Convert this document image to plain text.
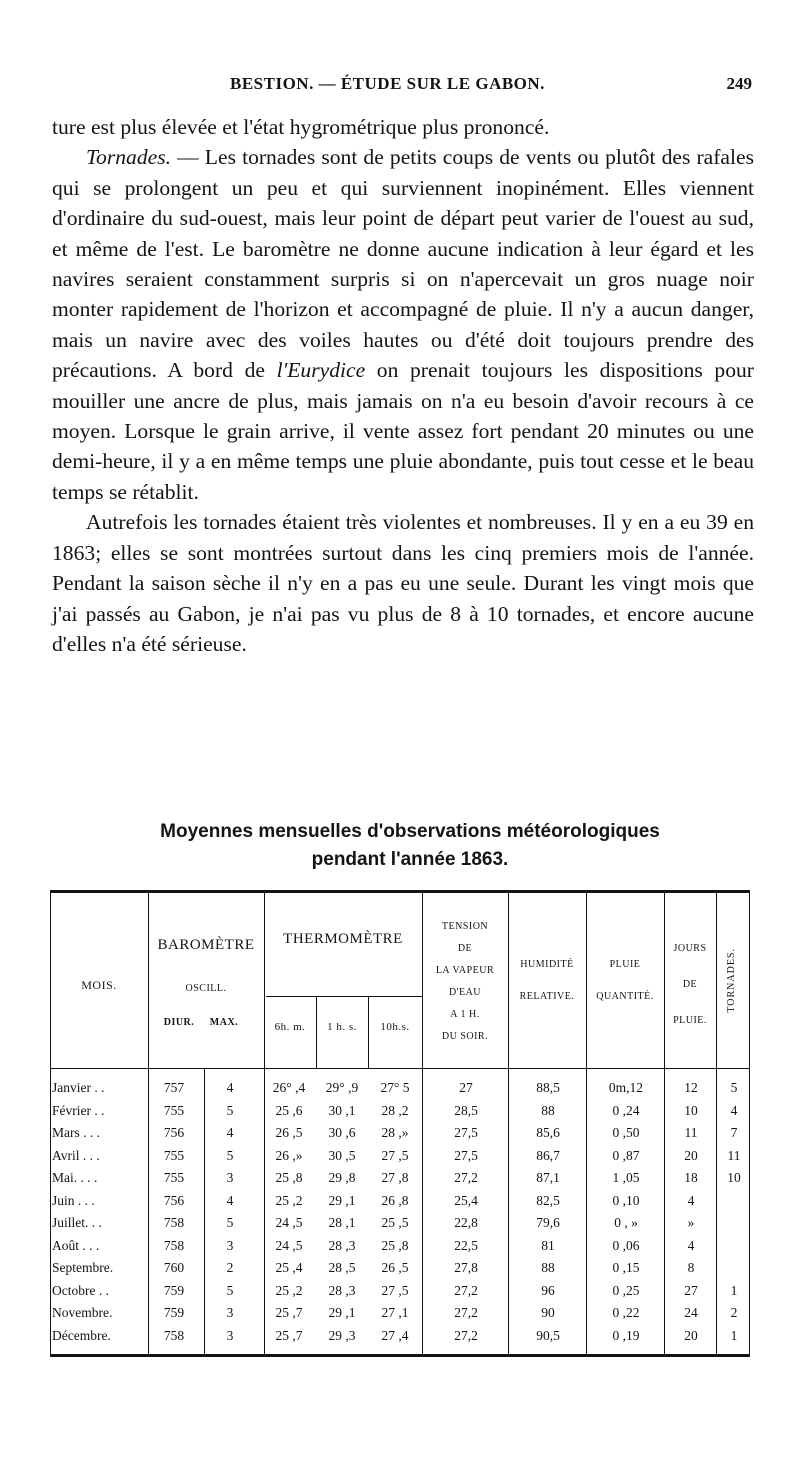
BESTION. — ÉTUDE SUR LE GABON.	249

ture est plus élevée et l'état hygrométrique plus prononcé.

Tornades. — Les tornades sont de petits coups de vents ou plutôt des rafales qui se prolongent un peu et qui surviennent inopinément. Elles viennent d'ordinaire du sud-ouest, mais leur point de départ peut varier de l'ouest au sud, et même de l'est. Le baromètre ne donne aucune indication à leur égard et les navires seraient constamment surpris si on n'apercevait un gros nuage noir monter rapidement de l'horizon et accompagné de pluie. Il n'y a aucun danger, mais un navire avec des voiles hautes ou d'été doit toujours prendre des précautions. A bord de l'Eurydice on prenait toujours les dispositions pour mouiller une ancre de plus, mais jamais on n'a eu besoin d'avoir recours à ce moyen. Lorsque le grain arrive, il vente assez fort pendant 20 minutes ou une demi-heure, il y a en même temps une pluie abondante, puis tout cesse et le beau temps se rétablit.

Autrefois les tornades étaient très violentes et nombreuses. Il y en a eu 39 en 1863; elles se sont montrées surtout dans les cinq premiers mois de l'année. Pendant la saison sèche il n'y en a pas eu une seule. Durant les vingt mois que j'ai passés au Gabon, je n'ai pas vu plus de 8 à 10 tornades, et encore aucune d'elles n'a été sérieuse.

Moyennes mensuelles d'observations météorologiques
pendant l'année 1863.
MOIS.
BAROMÈTRE
OSCILL.
DIUR.	MAX.
THERMOMÈTRE
6h. m.	1 h. s.	10h.s.
TENSION
DE
LA VAPEUR
D'EAU
A 1 H.
DU SOIR.
HUMIDITÉ
RELATIVE.
PLUIE
QUANTITÉ.
JOURS
DE
PLUIE.
TORNADES.
Janvier . .	757	4	26° ,4	29° ,9	27° 5	27	88,5	0m,12	12	5
Février . .	755	5	25 ,6	30 ,1	28 ,2	28,5	88	0 ,24	10	4
Mars . . .	756	4	26 ,5	30 ,6	28 ,»	27,5	85,6	0 ,50	11	7
Avril . . .	755	5	26 ,»	30 ,5	27 ,5	27,5	86,7	0 ,87	20	11
Mai. . . .	755	3	25 ,8	29 ,8	27 ,8	27,2	87,1	1 ,05	18	10
Juin . . .	756	4	25 ,2	29 ,1	26 ,8	25,4	82,5	0 ,10	4
Juillet. . .	758	5	24 ,5	28 ,1	25 ,5	22,8	79,6	0 , »	»
Août . . .	758	3	24 ,5	28 ,3	25 ,8	22,5	81	0 ,06	4
Septembre.	760	2	25 ,4	28 ,5	26 ,5	27,8	88	0 ,15	8
Octobre . .	759	5	25 ,2	28 ,3	27 ,5	27,2	96	0 ,25	27	1
Novembre.	759	3	25 ,7	29 ,1	27 ,1	27,2	90	0 ,22	24	2
Décembre.	758	3	25 ,7	29 ,3	27 ,4	27,2	90,5	0 ,19	20	1
